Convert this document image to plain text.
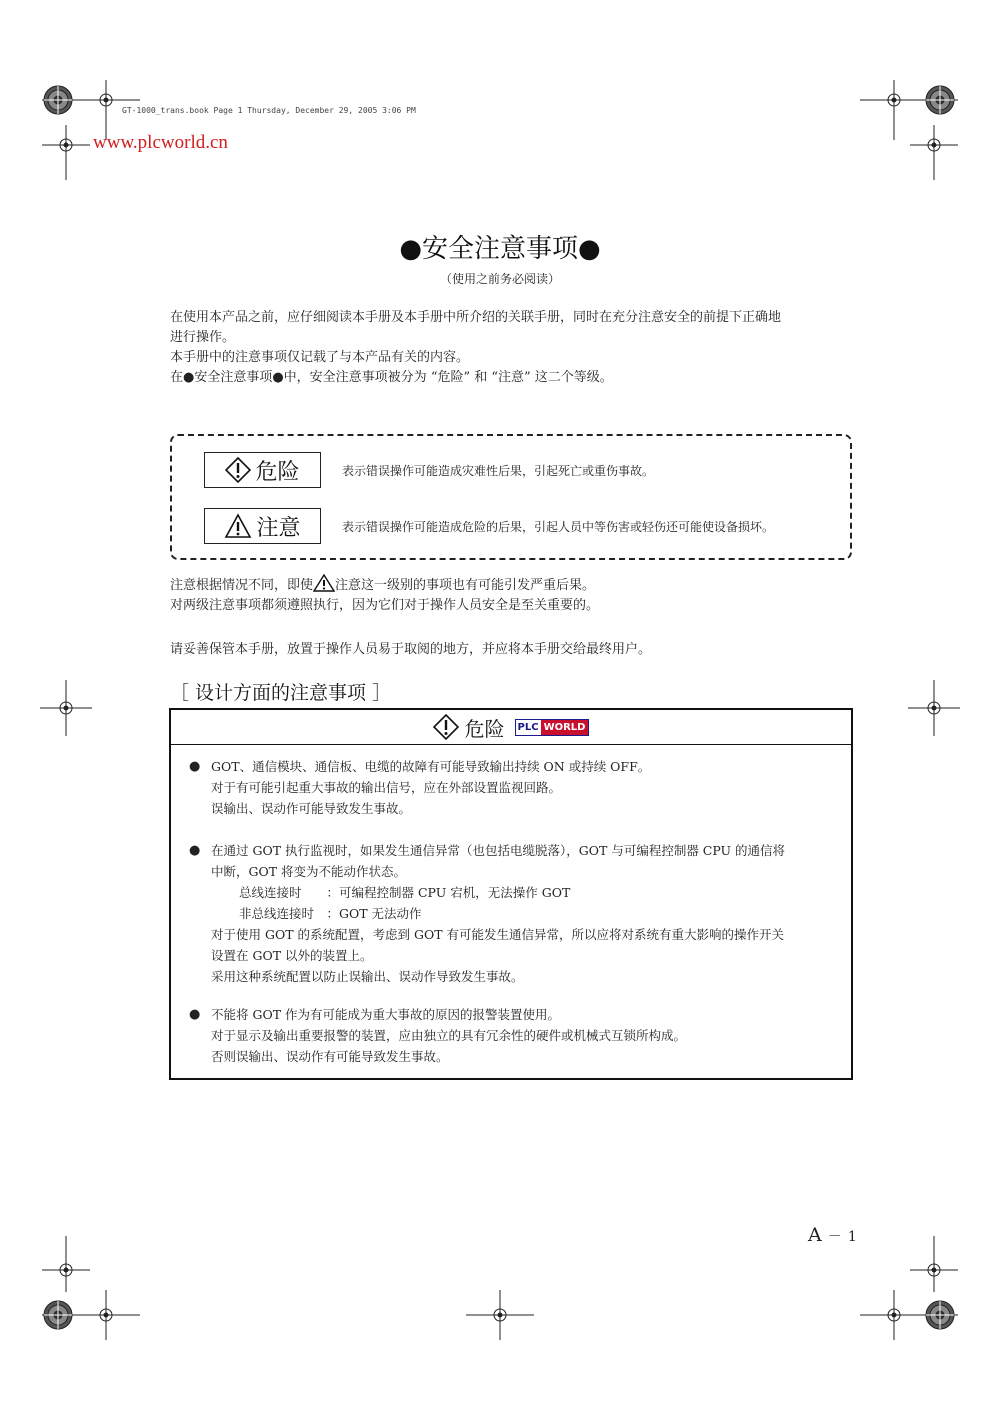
GT-1000_trans.book Page 1 Thursday, December 29, 2005 3:06 PM
www.plcworld.cn
●安全注意事项●
（使用之前务必阅读）

在使用本产品之前，应仔细阅读本手册及本手册中所介绍的关联手册，同时在充分注意安全的前提下正确地

进行操作。

本手册中的注意事项仅记载了与本产品有关的内容。

在●安全注意事项●中，安全注意事项被分为 “危险” 和 “注意” 这二个等级。

危险	表示错误操作可能造成灾难性后果，引起死亡或重伤事故。
注意	表示错误操作可能造成危险的后果，引起人员中等伤害或轻伤还可能使设备损坏。

注意根据情况不同，即使 注意这一级别的事项也有可能引发严重后果。

对两级注意事项都须遵照执行，因为它们对于操作人员安全是至关重要的。

请妥善保管本手册，放置于操作人员易于取阅的地方，并应将本手册交给最终用户。
［ 设计方面的注意事项 ］
危险 PLC WORLD
● GOT、通信模块、通信板、电缆的故障有可能导致输出持续 ON 或持续 OFF。
对于有可能引起重大事故的输出信号，应在外部设置监视回路。
误输出、误动作可能导致发生事故。
● 在通过 GOT 执行监视时，如果发生通信异常（也包括电缆脱落），GOT 与可编程控制器 CPU 的通信将
中断，GOT 将变为不能动作状态。
总线连接时　　：可编程控制器 CPU 宕机，无法操作 GOT
非总线连接时　：GOT 无法动作
对于使用 GOT 的系统配置，考虑到 GOT 有可能发生通信异常，所以应将对系统有重大影响的操作开关
设置在 GOT 以外的装置上。
采用这种系统配置以防止误输出、误动作导致发生事故。
● 不能将 GOT 作为有可能成为重大事故的原因的报警装置使用。
对于显示及输出重要报警的装置，应由独立的具有冗余性的硬件或机械式互锁所构成。
否则误输出、误动作有可能导致发生事故。
A － 1
